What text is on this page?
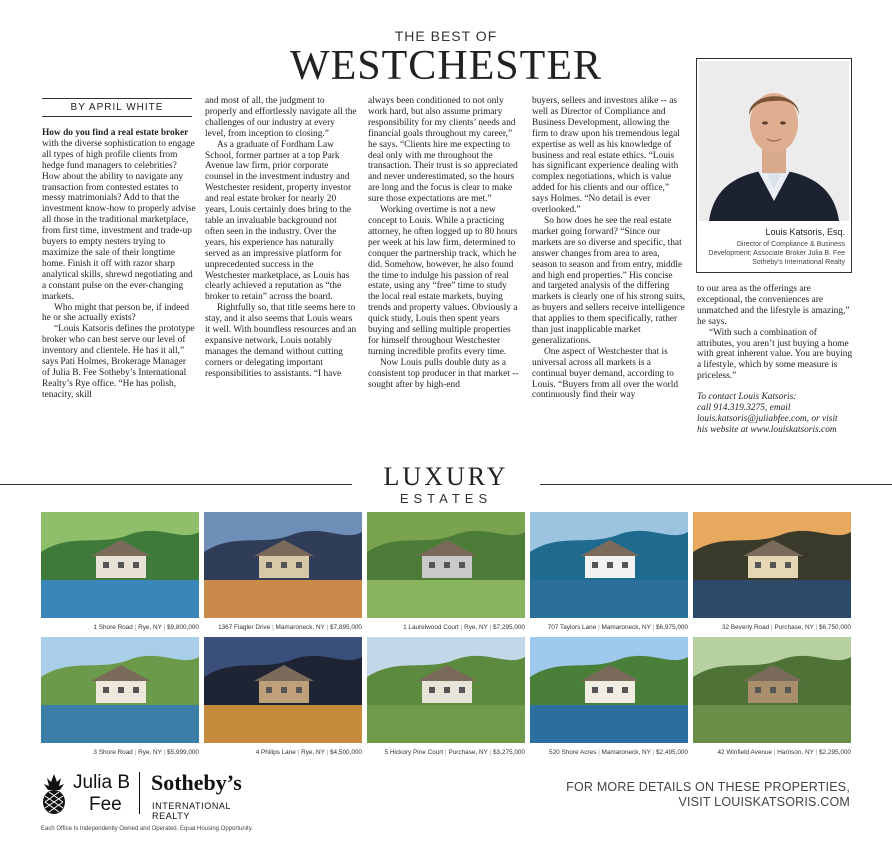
THE BEST OF
WESTCHESTER
BY APRIL WHITE

How do you find a real estate broker with the diverse sophistication to engage all types of high profile clients from hedge fund managers to celebrities? How about the ability to navigate any transaction from contested estates to messy matrimonials? Add to that the investment know-how to properly advise all those in the traditional marketplace, from first time, investment and trade-up buyers to empty nesters trying to maximize the sale of their longtime home. Finish it off with razor sharp analytical skills, shrewd negotiating and a constant pulse on the ever-changing markets.

Who might that person be, if indeed he or she actually exists?

“Louis Katsoris defines the prototype broker who can best serve our level of inventory and clientele. He has it all,” says Pati Holmes, Brokerage Manager of Julia B. Fee Sotheby’s International Realty’s Rye office. “He has polish, tenacity, skill

and most of all, the judgment to properly and effortlessly navigate all the challenges of our industry at every level, from inception to closing.”

As a graduate of Fordham Law School, former partner at a top Park Avenue law firm, prior corporate counsel in the investment industry and Westchester resident, property investor and real estate broker for nearly 20 years, Louis certainly does bring to the table an invaluable background not often seen in the industry. Over the years, his experience has naturally served as an impressive platform for unprecedented success in the Westchester marketplace, as Louis has clearly achieved a reputation as “the broker to retain” across the board.

Rightfully so, that title seems here to stay, and it also seems that Louis wears it well. With boundless resources and an expansive network, Louis notably manages the demand without cutting corners or delegating important responsibilities to assistants. “I have

always been conditioned to not only work hard, but also assume primary responsibility for my clients’ needs and financial goals throughout my career,” he says. “Clients hire me expecting to deal only with me throughout the transaction. Their trust is so appreciated and never underestimated, so the hours are long and the focus is clear to make sure those expectations are met.”

Working overtime is not a new concept to Louis. While a practicing attorney, he often logged up to 80 hours per week at his law firm, determined to conquer the partnership track, which he did. Somehow, however, he also found the time to indulge his passion of real estate, using any “free” time to study the local real estate markets, buying trends and property values. Obviously a quick study, Louis then spent years buying and selling multiple properties for himself throughout Westchester turning incredible profits every time.

Now Louis pulls double duty as a consistent top producer in that market -- sought after by high-end

buyers, sellers and investors alike -- as well as Director of Compliance and Business Development, allowing the firm to draw upon his tremendous legal expertise as well as his knowledge of business and real estate ethics. “Louis has significant experience dealing with complex negotiations, which is value added for his clients and our office,” says Holmes. “No detail is ever overlooked.”

So how does he see the real estate market going forward? “Since our markets are so diverse and specific, that answer changes from area to area, season to season and from entry, middle and high end properties.” His concise and targeted analysis of the differing markets is clearly one of his strong suits, as buyers and sellers receive intelligence that applies to them specifically, rather than just inapplicable market generalizations.

One aspect of Westchester that is universal across all markets is a continual buyer demand, according to Louis. “Buyers from all over the world continuously find their way

Louis Katsoris, Esq.
Director of Compliance & Business Development; Associate Broker Julia B. Fee Sotheby’s International Realty

to our area as the offerings are exceptional, the conveniences are unmatched and the lifestyle is amazing,” he says.

“With such a combination of attributes, you aren’t just buying a home with great inherent value. You are buying a lifestyle, which by some measure is priceless.”

To contact Louis Katsoris:
call 914.319.3275, email
louis.katsoris@juliabfee.com, or visit
his website at www.louiskatsoris.com
LUXURY
ESTATES
1 Shore Road | Rye, NY | $9,800,000	1367 Flagler Drive | Mamaroneck, NY | $7,895,000	1 Laurelwood Court | Rye, NY | $7,295,000	707 Taylors Lane | Mamaroneck, NY | $6,975,000	32 Beverly Road | Purchase, NY | $6,750,000
3 Shore Road | Rye, NY | $5,999,000	4 Philips Lane | Rye, NY | $4,500,000	5 Hickory Pine Court | Purchase, NY | $3,275,000	520 Shore Acres | Mamaroneck, NY | $2,495,000	42 Winfield Avenue | Harrison, NY | $2,295,000
Julia B
Fee
Sotheby’s
INTERNATIONAL REALTY
FOR MORE DETAILS ON THESE PROPERTIES,
VISIT LOUISKATSORIS.COM
Each Office Is Independently Owned and Operated. Equal Housing Opportunity.
